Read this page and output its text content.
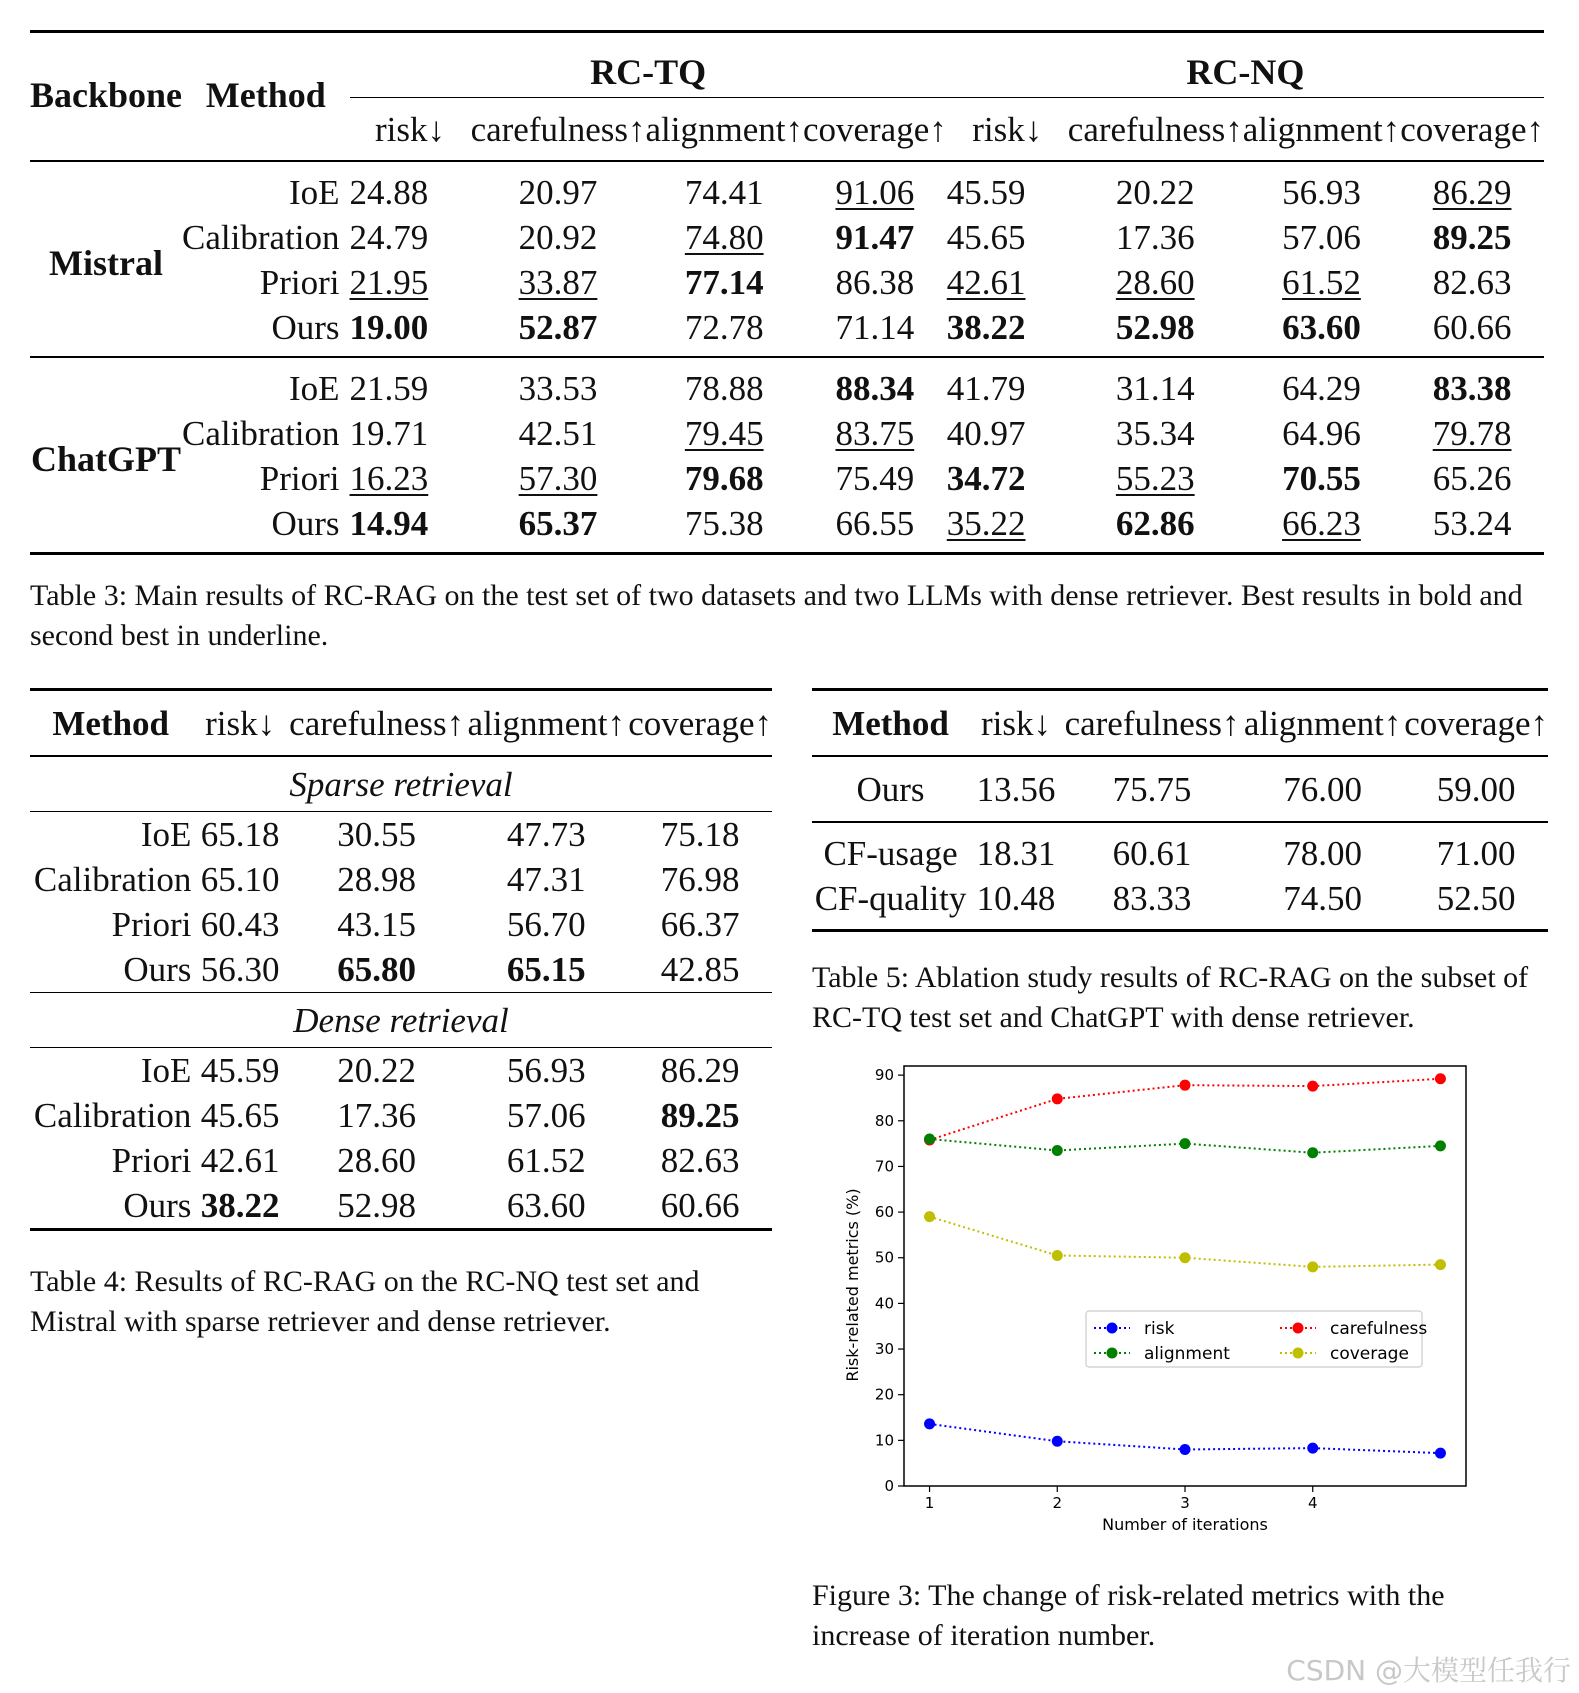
Backbone	Method	RC-TQ				RC-NQ			
		risk↓	carefulness↑	alignment↑	coverage↑	risk↓	carefulness↑	alignment↑	coverage↑
Mistral	IoE	24.88	20.97	74.41	91.06	45.59	20.22	56.93	86.29
	Calibration	24.79	20.92	74.80	91.47	45.65	17.36	57.06	89.25
	Priori	21.95	33.87	77.14	86.38	42.61	28.60	61.52	82.63
	Ours	19.00	52.87	72.78	71.14	38.22	52.98	63.60	60.66
ChatGPT	IoE	21.59	33.53	78.88	88.34	41.79	31.14	64.29	83.38
	Calibration	19.71	42.51	79.45	83.75	40.97	35.34	64.96	79.78
	Priori	16.23	57.30	79.68	75.49	34.72	55.23	70.55	65.26
	Ours	14.94	65.37	75.38	66.55	35.22	62.86	66.23	53.24
Table 3: Main results of RC-RAG on the test set of two datasets and two LLMs with dense retriever. Best results in bold and second best in underline.
Method	risk↓	carefulness↑	alignment↑	coverage↑
Sparse retrieval				
IoE	65.18	30.55	47.73	75.18
Calibration	65.10	28.98	47.31	76.98
Priori	60.43	43.15	56.70	66.37
Ours	56.30	65.80	65.15	42.85
Dense retrieval				
IoE	45.59	20.22	56.93	86.29
Calibration	45.65	17.36	57.06	89.25
Priori	42.61	28.60	61.52	82.63
Ours	38.22	52.98	63.60	60.66
Table 4: Results of RC-RAG on the RC-NQ test set and Mistral with sparse retriever and dense retriever.
Method	risk↓	carefulness↑	alignment↑	coverage↑
Ours	13.56	75.75	76.00	59.00
CF-usage	18.31	60.61	78.00	71.00
CF-quality	10.48	83.33	74.50	52.50
Table 5: Ablation study results of RC-RAG on the subset of RC-TQ test set and ChatGPT with dense retriever.
0
10
20
30
40
50
60
70
80
90
1	2	3	4
risk
alignment
carefulness
coverage
Number of iterations
Risk-related metrics (%)
Figure 3: The change of risk-related metrics with the increase of iteration number.
CSDN @大模型任我行
